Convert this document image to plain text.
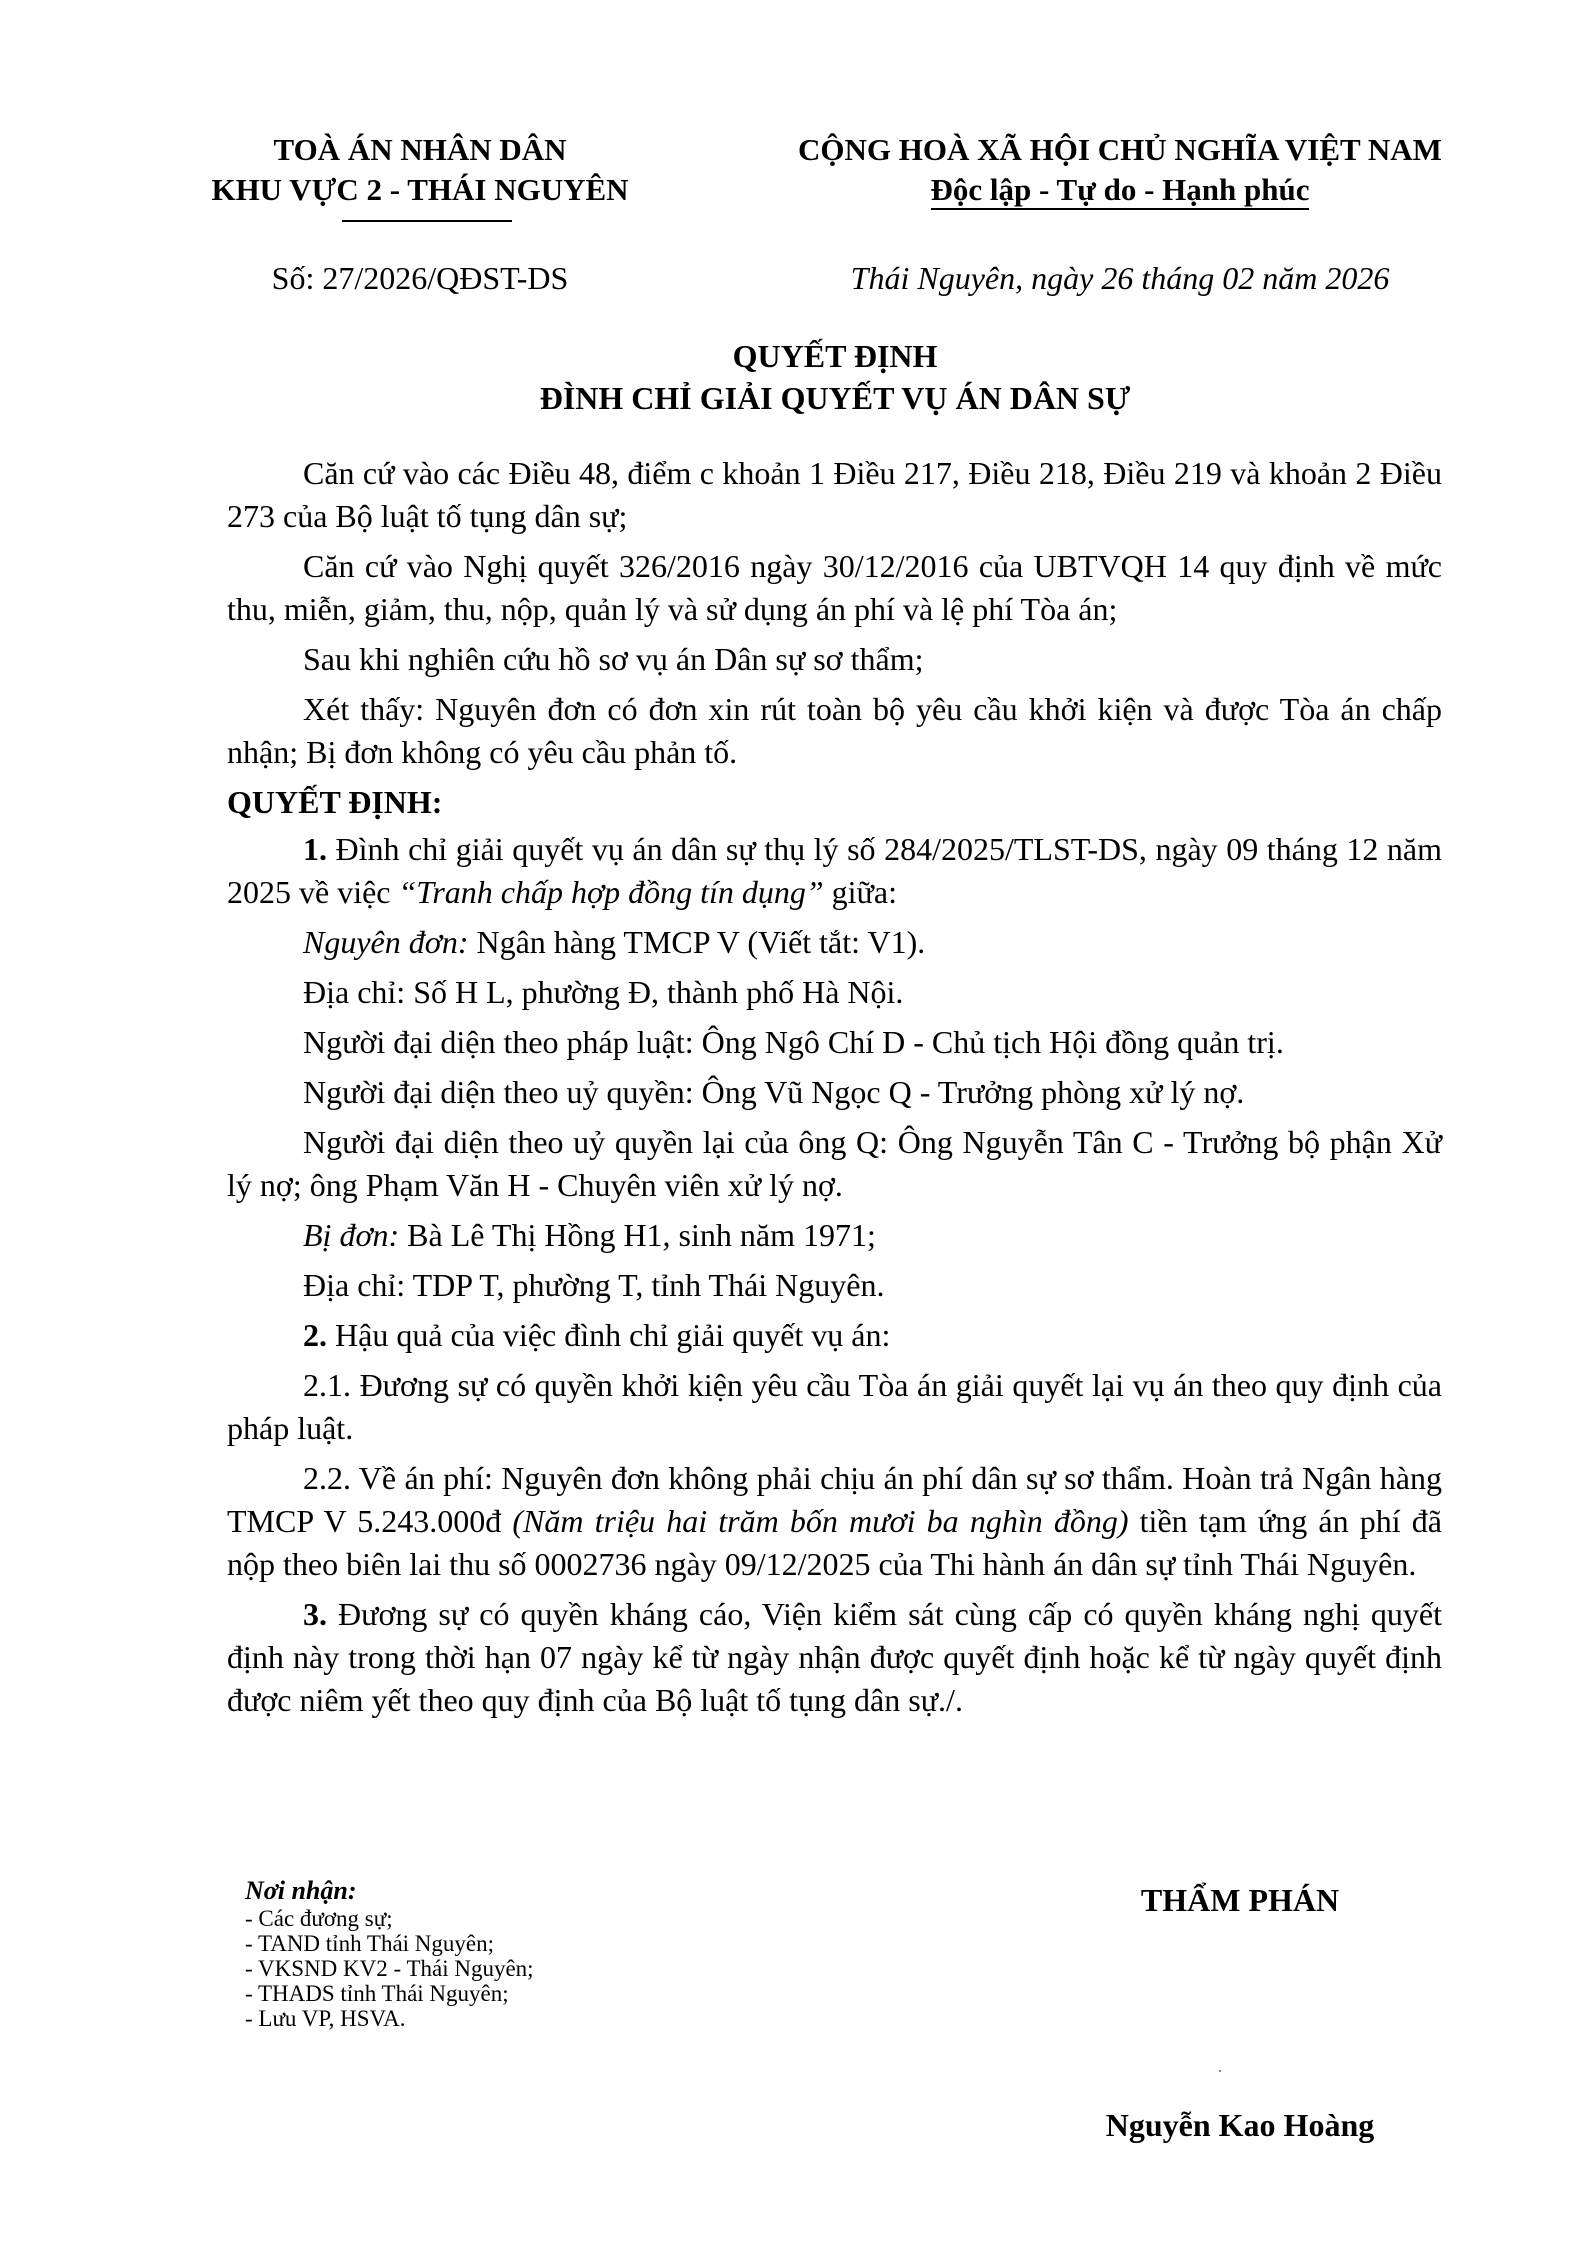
TOÀ ÁN NHÂN DÂN
KHU VỰC 2 - THÁI NGUYÊN
CỘNG HOÀ XÃ HỘI CHỦ NGHĨA VIỆT NAM
Độc lập - Tự do - Hạnh phúc
Số: 27/2026/QĐST-DS	Thái Nguyên, ngày 26 tháng 02 năm 2026
QUYẾT ĐỊNH
ĐÌNH CHỈ GIẢI QUYẾT VỤ ÁN DÂN SỰ

Căn cứ vào các Điều 48, điểm c khoản 1 Điều 217, Điều 218, Điều 219 và khoản 2 Điều 273 của Bộ luật tố tụng dân sự;

Căn cứ vào Nghị quyết 326/2016 ngày 30/12/2016 của UBTVQH 14 quy định về mức thu, miễn, giảm, thu, nộp, quản lý và sử dụng án phí và lệ phí Tòa án;

Sau khi nghiên cứu hồ sơ vụ án Dân sự sơ thẩm;

Xét thấy: Nguyên đơn có đơn xin rút toàn bộ yêu cầu khởi kiện và được Tòa án chấp nhận; Bị đơn không có yêu cầu phản tố.

QUYẾT ĐỊNH:

1. Đình chỉ giải quyết vụ án dân sự thụ lý số 284/2025/TLST-DS, ngày 09 tháng 12 năm 2025 về việc “Tranh chấp hợp đồng tín dụng” giữa:

Nguyên đơn: Ngân hàng TMCP V (Viết tắt: V1).

Địa chỉ: Số H L, phường Đ, thành phố Hà Nội.

Người đại diện theo pháp luật: Ông Ngô Chí D - Chủ tịch Hội đồng quản trị.

Người đại diện theo uỷ quyền: Ông Vũ Ngọc Q - Trưởng phòng xử lý nợ.

Người đại diện theo uỷ quyền lại của ông Q: Ông Nguyễn Tân C - Trưởng bộ phận Xử lý nợ; ông Phạm Văn H - Chuyên viên xử lý nợ.

Bị đơn: Bà Lê Thị Hồng H1, sinh năm 1971;

Địa chỉ: TDP T, phường T, tỉnh Thái Nguyên.

2. Hậu quả của việc đình chỉ giải quyết vụ án:

2.1. Đương sự có quyền khởi kiện yêu cầu Tòa án giải quyết lại vụ án theo quy định của pháp luật.

2.2. Về án phí: Nguyên đơn không phải chịu án phí dân sự sơ thẩm. Hoàn trả Ngân hàng TMCP V 5.243.000đ (Năm triệu hai trăm bốn mươi ba nghìn đồng) tiền tạm ứng án phí đã nộp theo biên lai thu số 0002736 ngày 09/12/2025 của Thi hành án dân sự tỉnh Thái Nguyên.

3. Đương sự có quyền kháng cáo, Viện kiểm sát cùng cấp có quyền kháng nghị quyết định này trong thời hạn 07 ngày kể từ ngày nhận được quyết định hoặc kể từ ngày quyết định được niêm yết theo quy định của Bộ luật tố tụng dân sự./.

Nơi nhận:
- Các đương sự;
- TAND tỉnh Thái Nguyên;
- VKSND KV2 - Thái Nguyên;
- THADS tỉnh Thái Nguyên;
- Lưu VP, HSVA.
THẨM PHÁN
Nguyễn Kao Hoàng
